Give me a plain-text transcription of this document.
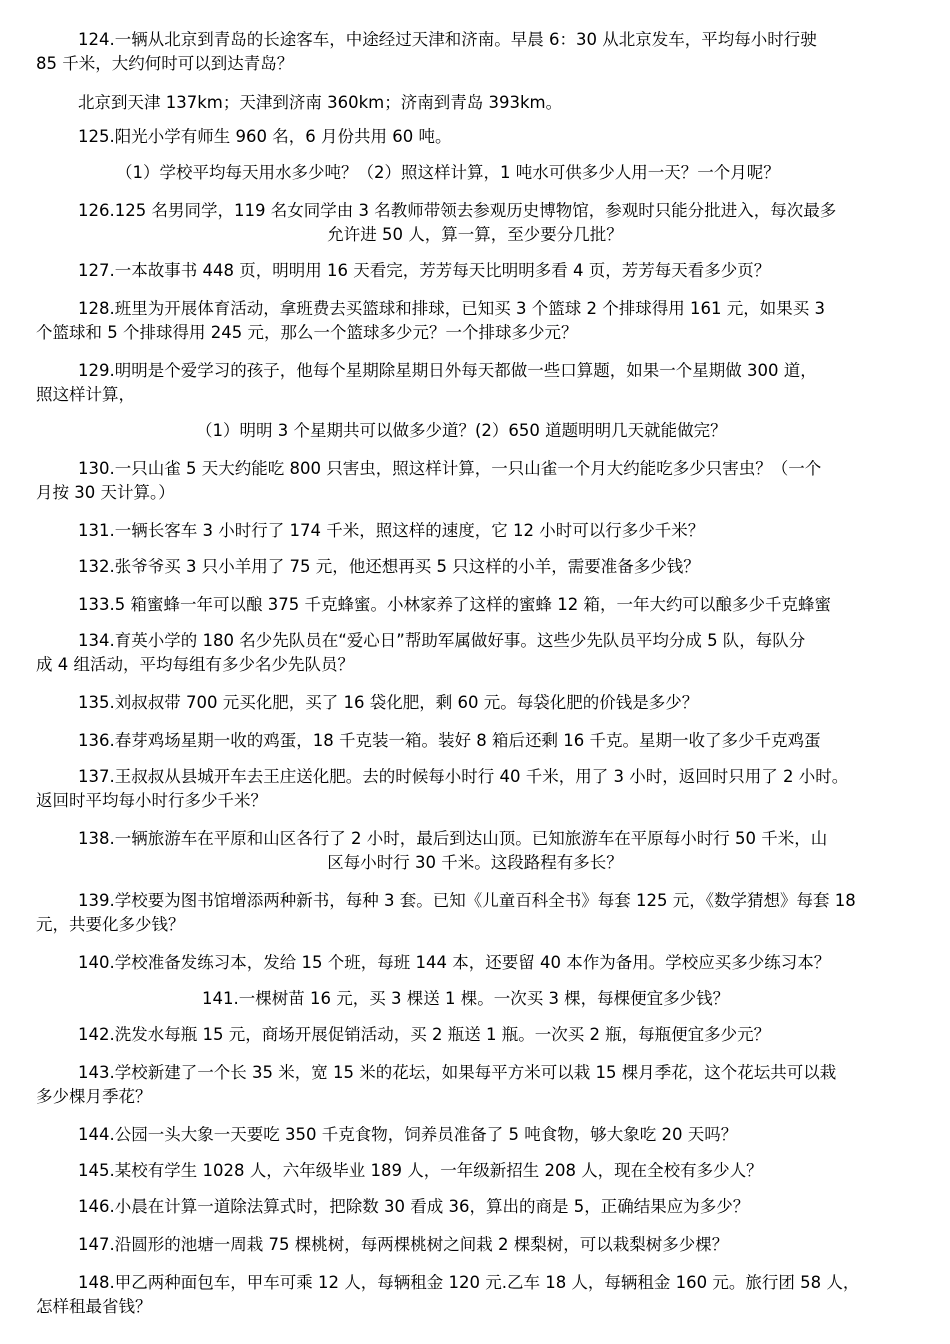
124.一辆从北京到青岛的长途客车，中途经过天津和济南。早晨 6：30 从北京发车，平均每小时行驶
85 千米，大约何时可以到达青岛？
北京到天津 137km；天津到济南 360km；济南到青岛 393km。
125.阳光小学有师生 960 名，6 月份共用 60 吨。
（1）学校平均每天用水多少吨？（2）照这样计算，1 吨水可供多少人用一天？一个月呢？
126.125 名男同学，119 名女同学由 3 名教师带领去参观历史博物馆，参观时只能分批进入，每次最多
允许进 50 人，算一算，至少要分几批？
127.一本故事书 448 页，明明用 16 天看完，芳芳每天比明明多看 4 页，芳芳每天看多少页？
128.班里为开展体育活动，拿班费去买篮球和排球，已知买 3 个篮球 2 个排球得用 161 元，如果买 3
个篮球和 5 个排球得用 245 元，那么一个篮球多少元？一个排球多少元？
129.明明是个爱学习的孩子，他每个星期除星期日外每天都做一些口算题，如果一个星期做 300 道，
照这样计算，
（1）明明 3 个星期共可以做多少道？(2）650 道题明明几天就能做完？
130.一只山雀 5 天大约能吃 800 只害虫，照这样计算，一只山雀一个月大约能吃多少只害虫？（一个
月按 30 天计算。）
131.一辆长客车 3 小时行了 174 千米，照这样的速度，它 12 小时可以行多少千米？
132.张爷爷买 3 只小羊用了 75 元，他还想再买 5 只这样的小羊，需要准备多少钱？
133.5 箱蜜蜂一年可以酿 375 千克蜂蜜。小林家养了这样的蜜蜂 12 箱，一年大约可以酿多少千克蜂蜜
134.育英小学的 180 名少先队员在“爱心日”帮助军属做好事。这些少先队员平均分成 5 队，每队分
成 4 组活动，平均每组有多少名少先队员？
135.刘叔叔带 700 元买化肥，买了 16 袋化肥，剩 60 元。每袋化肥的价钱是多少？
136.春芽鸡场星期一收的鸡蛋，18 千克装一箱。装好 8 箱后还剩 16 千克。星期一收了多少千克鸡蛋
137.王叔叔从县城开车去王庄送化肥。去的时候每小时行 40 千米，用了 3 小时，返回时只用了 2 小时。
返回时平均每小时行多少千米？
138.一辆旅游车在平原和山区各行了 2 小时，最后到达山顶。已知旅游车在平原每小时行 50 千米，山
区每小时行 30 千米。这段路程有多长？
139.学校要为图书馆增添两种新书，每种 3 套。已知《儿童百科全书》每套 125 元，《数学猜想》每套 18
元，共要化多少钱？
140.学校准备发练习本，发给 15 个班，每班 144 本，还要留 40 本作为备用。学校应买多少练习本？
141.一棵树苗 16 元，买 3 棵送 1 棵。一次买 3 棵，每棵便宜多少钱？
142.洗发水每瓶 15 元，商场开展促销活动，买 2 瓶送 1 瓶。一次买 2 瓶，每瓶便宜多少元？
143.学校新建了一个长 35 米，宽 15 米的花坛，如果每平方米可以栽 15 棵月季花，这个花坛共可以栽
多少棵月季花？
144.公园一头大象一天要吃 350 千克食物，饲养员准备了 5 吨食物，够大象吃 20 天吗？
145.某校有学生 1028 人，六年级毕业 189 人，一年级新招生 208 人，现在全校有多少人？
146.小晨在计算一道除法算式时，把除数 30 看成 36，算出的商是 5，正确结果应为多少？
147.沿圆形的池塘一周栽 75 棵桃树，每两棵桃树之间栽 2 棵梨树，可以栽梨树多少棵？
148.甲乙两种面包车，甲车可乘 12 人，每辆租金 120 元.乙车 18 人，每辆租金 160 元。旅行团 58 人，
怎样租最省钱？
